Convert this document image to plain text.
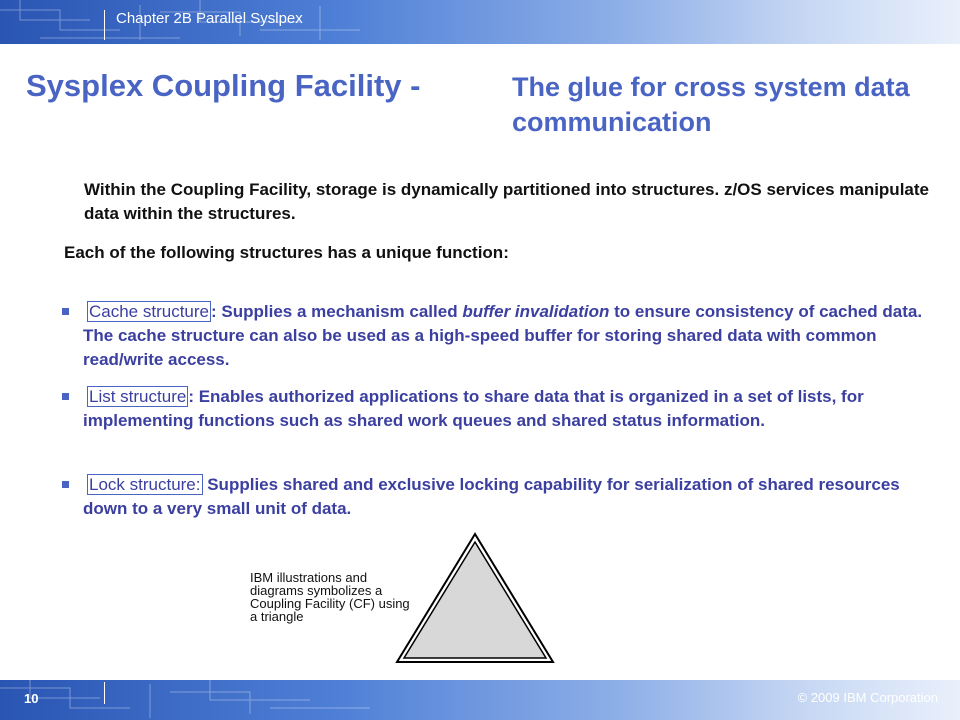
Chapter 2B Parallel Syslpex
Sysplex Coupling Facility -	The glue for cross system data communication
Within the Coupling Facility, storage is dynamically partitioned into structures. z/OS services manipulate data within the structures.
Each of the following structures has a unique function:
Cache structure : Supplies a mechanism called buffer invalidation to ensure consistency of cached data. The cache structure can also be used as a high-speed buffer for storing shared data with common read/write access.
List structure : Enables authorized applications to share data that is organized in a set of lists, for implementing functions such as shared work queues and shared status information.
Lock structure: Supplies shared and exclusive locking capability for serialization of shared resources down to a very small unit of data.
IBM illustrations and diagrams symbolizes a Coupling Facility (CF) using a triangle
10	© 2009 IBM Corporation
